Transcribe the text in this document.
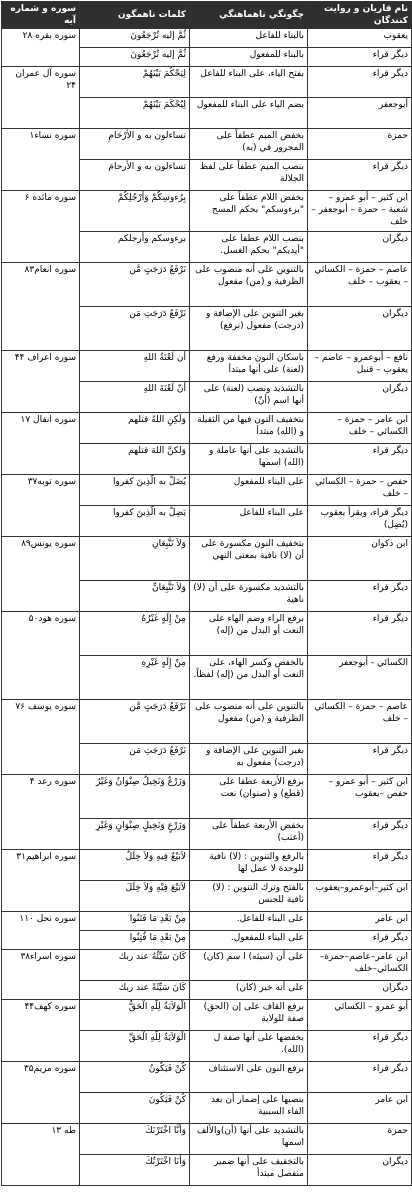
نام قاريان و روايت كنندگان	چگونگي ناهماهنگي	كلمات ناهمگون	سوره و شماره آيه
يعقوب	بالبناء للفاعل	ثُمَّ إليه تُرْجَعُونَ	سوره بقره ۲۸
ديگر قراء	بالبناء للمفعول	ثُمَّ إليه تُرْجَعُونَ	
ديگر قراء	بفتح الياء، على البناء للفاعل	لِيَحْكُمَ بَيْنَهُمْ	سوره آل عمران ۲۴
أبوجعفر	بضم الياء على البناء للمفعول	لِيُحْكَمَ بَيْنَهُمْ	
حمزة	بخفض الميم عطفاً على المجرور في (به)	تساءلون به و الأَرْحَامِ	سوره نساء۱
ديگر قراء	بنصب الميم عطفاً على لفظ الجلالة	تساءلون به و الأرحامَ	
ابن كثير – أبو عمرو – شعبة – حمزة – أبوجعفر – خلف	بخفض اللام عطفاً على "برءوسكم" بحكم المسح	بِرُءوسِكُمْ وَأَرْجُلِكُمْ	سوره مائده ۶
ديگران	بنصب اللام عطفا على "أيديكم" بحكم الغسل.	برءوسكم وأرجلكم	
عاصم – حمزة – الكسائي – يعقوب – خلف	بالتنوين على أنه منصوب على الظرفية و (من) مفعول	نَرْفَعُ دَرَجَتٍ مَّن	سوره انعام۸۳
ديگران	بغير التنوين على الإضافة و (درجت) مفعول (نرفع)	نَرْفَعُ دَرَجَتِ مَن	
نافع – أبوعمرو – عاصم – يعقوب – قنبل	باسكان النون مخففة ورفع (لعنة) على أنها مبتدأ	أن لَعْنَةُ اللهِ	سوره اعراف ۴۴
ديگران	بالتشديد ونصب (لعنة) على أنها اسم (أنّ)	أنّ لَعْنَةَ اللهِ	
ابن عامر – حمزة – الكسائي – خلف	بتخفيف النون فيها من الثقيلة و (الله) مبتدأ	وَلَكِنِ اللهُ قتلهم	سوره انفال ۱۷
ديگر قراء	بالتشديد على أنها عاملة و (الله) اسمها	وَلكنَّ اللهَ قتلهم	
حفص – حمزة – الكسائي – خلف	على البناء للمفعول	يُضَلُّ به الَّذِينَ كفروا	سوره توبه۳۷
ديگر قراء، ويقرأ يعقوب (يُضِل)	على البناء للفاعل	يَضِلُّ به الَّذِينَ كفروا	
ابن ذكوان	بتخفيف النون مكسورة على أن (لا) نافية بمعنى النهي	وَلاَ تَتَّبِعَانِ	سوره يونس۸۹
ديگر قراء	بالتشديد مكسورة على أن (لا) ناهية	وَلاَ تَتَّبِعَانِّ	
ديگر قراء	برفع الراء وضم الهاء على النعت أو البدل من (إله)	مِنْ إِلَهٍ غَيْرُهُ	سوره هود۵۰
الكسائي - أبوجعفر	بالخفض وكسر الهاء، على النعت أو البدل من (إله) لفظاً.	مِنْ إِلَهٍ غَيْرِهِ	
عاصم – حمزة – الكسائي – خلف	بالتنوين على أنه منصوب على الظرفية و (من) مفعول	نَرْفَعُ دَرَجَتٍ مَّن	سوره يوسف ۷۶
ديگر قراء	بغير التنوين على الإضافة و (درجت) مفعول به	نَرْفَعُ دَرَجَتِ مَن	
ابن كثير – أبو عمرو – حفص –يعقوب	برفع الأربعة عطفا على (قطع) و (صنوان) نعت	وَزَرْعٌ وَنَخِيلٌ صِنْوَانٌ وَغَيْرُ	سوره رعد ۴
ديگر قراء	بخفض الأربعة عطفاً على (أعنب)	وَزَرْعٍ وَنَخِيلٍ صِنْوَانٍ وَغَيْرِ	
ديگر قراء	بالرفع والتنوين : (لا) نافية للوحدة لا عمل لها	لاَبَيْعٌ فِيهِ وَلاَ خِلَلٌ	سوره ابراهيم۳۱
ابن كثير–أبوعمرو–يعقوب	بالفتح وترك التنوين : (لا) نافية للجنس	لاَبَيْعَ فِيْهِ وَلاَ خِلَلَ	
ابن عامر	على البناء للفاعل.	مِنْ بَعْدِ مَا فَتَنُوا	سوره نحل ۱۱۰
ديگر قراء	على البناء للمفعول.	مِنْ بَعْدِ مَا فُتِنُوا	
ابن عامر–عاصم–حمزة–الكسائي–خلف	على أن (سيئه) ا سم (كان)	كَانَ سَيِّئُهُ عند ربك	سوره اسراء۳۸
ديگران	على أنه خبر (كان)	كَانَ سَيِّئَةً عند ربك	
أبو عمرو – الكسائي	برفع القاف على إن (الحق) صفة للولاية	الْوَلاَيَةُ لِلّهِ الْحَقُّ	سوره كهف۴۴
ديگر قراء	بخفضها على أنها صفة ل (الله).	الْوَلاَيَةُ لِلّهِ الْحَقِّ	
ديگر قراء	برفع النون على الاستئناف	كُنْ فَيَكُونُ	سوره مريم۳۵
ابن عامر	بنصبها على إضمار أن بعد الفاء السببية	كُنْ فَيَكُونَ	
حمزة	بالتشديد على أنها (أن)والألف اسمها	وَأَنَّا اخْتَرْنَكَ	طه ۱۳
ديگران	بالتخفيف على أنها ضمير منفصل مبتدأ	وَأَنَا اخْتَرْتُكَ	
